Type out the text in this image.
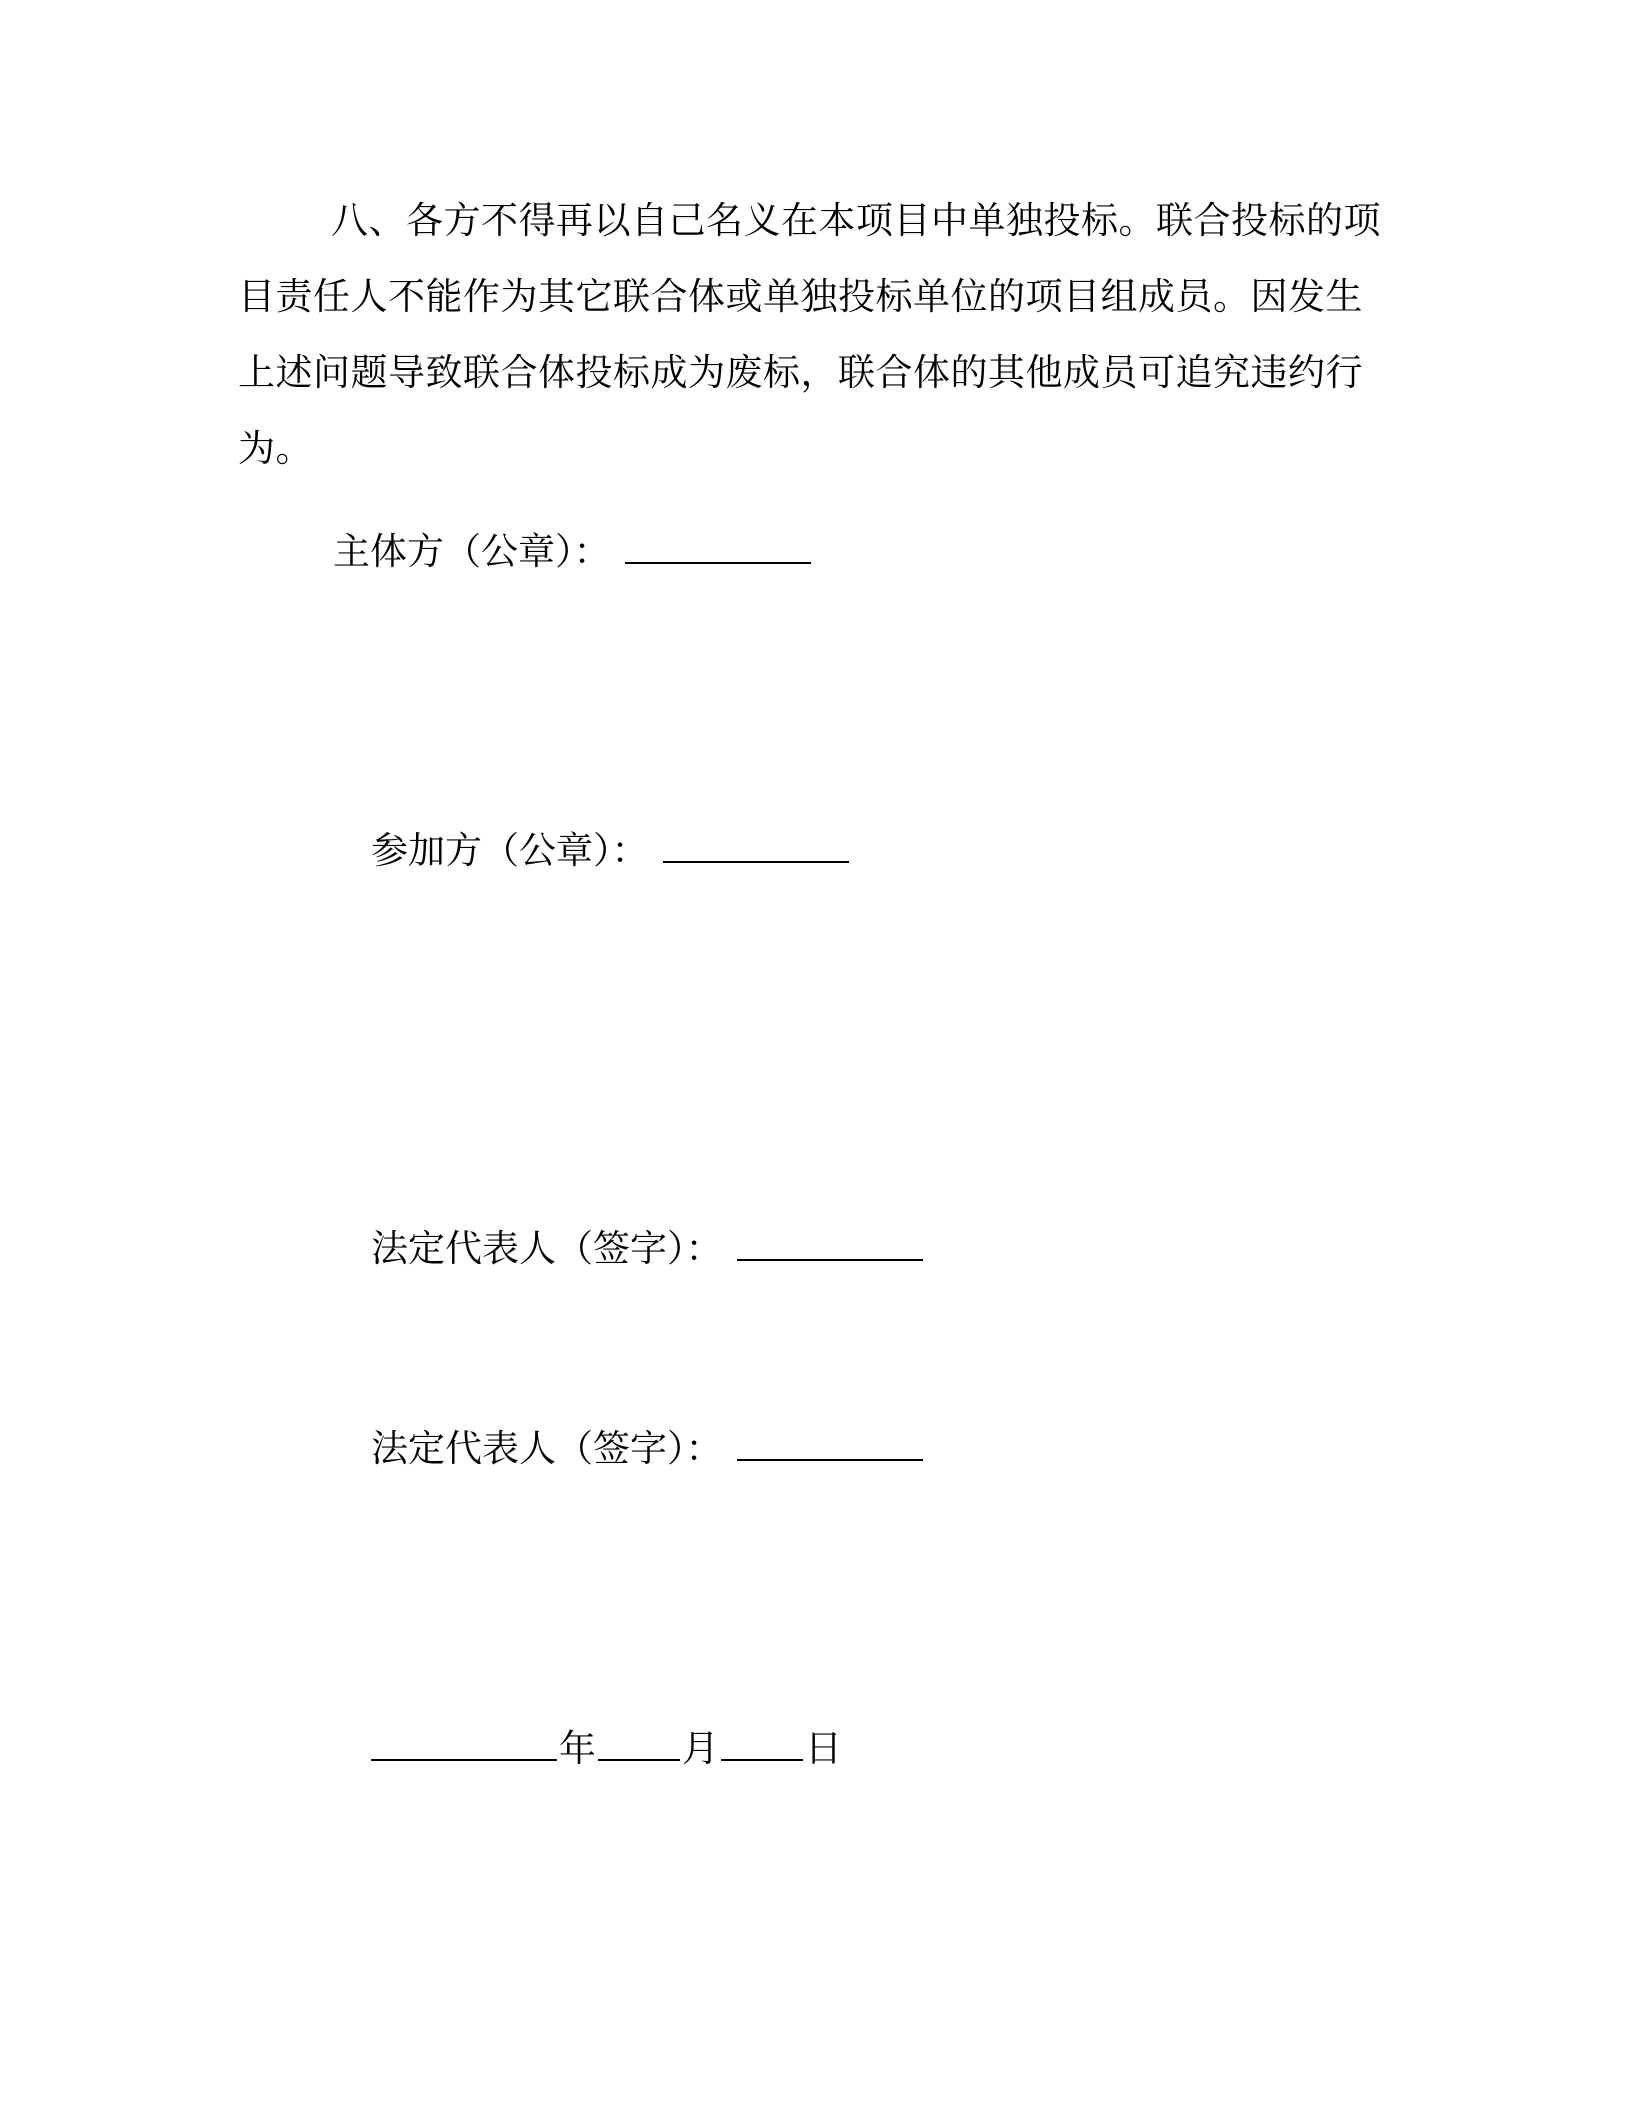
八、各方不得再以自己名义在本项目中单独投标。联合投标的项目责任人不能作为其它联合体或单独投标单位的项目组成员。因发生上述问题导致联合体投标成为废标，联合体的其他成员可追究违约行为。

主体方（公章）：
参加方（公章）：
法定代表人（签字）：
法定代表人（签字）：
年 月 日
